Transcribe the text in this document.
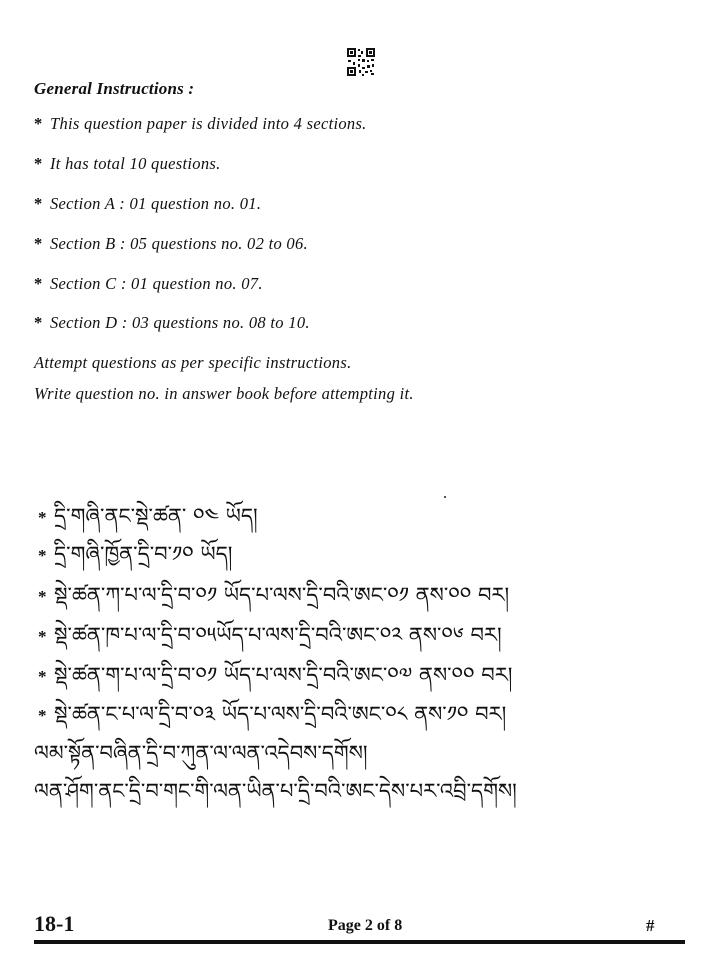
General Instructions :
* This question paper is divided into 4 sections.
* It has total 10 questions.
* Section A : 01 question no. 01.
* Section B : 05 questions no. 02 to 06.
* Section C : 01 question no. 07.
* Section D : 03 questions no. 08 to 10.
Attempt questions as per specific instructions.
Write question no. in answer book before attempting it.
* དྲི་གཞི་ནང་སྡེ་ཚན་ ༠༤ ཡོད།
* དྲི་གཞི་ཁྱོན་དྲི་བ་༡༠ ཡོད།
* སྡེ་ཚན་ཀ་པ་ལ་དྲི་བ་༠༡ ཡོད་པ་ལས་དྲི་བའི་ཨང་༠༡ ནས་༠༠ བར།
* སྡེ་ཚན་ཁ་པ་ལ་དྲི་བ་༠༥ཡོད་པ་ལས་དྲི་བའི་ཨང་༠༢ ནས་༠༦ བར།
* སྡེ་ཚན་ག་པ་ལ་དྲི་བ་༠༡ ཡོད་པ་ལས་དྲི་བའི་ཨང་༠༧ ནས་༠༠ བར།
* སྡེ་ཚན་ང་པ་ལ་དྲི་བ་༠༣ ཡོད་པ་ལས་དྲི་བའི་ཨང་༠༨ ནས་༡༠ བར།
ལམ་སྟོན་བཞིན་དྲི་བ་ཀུན་ལ་ལན་འདེབས་དགོས།
ལན་ཤོག་ནང་དྲི་བ་གང་གི་ལན་ཡིན་པ་དྲི་བའི་ཨང་དེས་པར་འབྲི་དགོས།
18-1	Page 2 of 8	#
